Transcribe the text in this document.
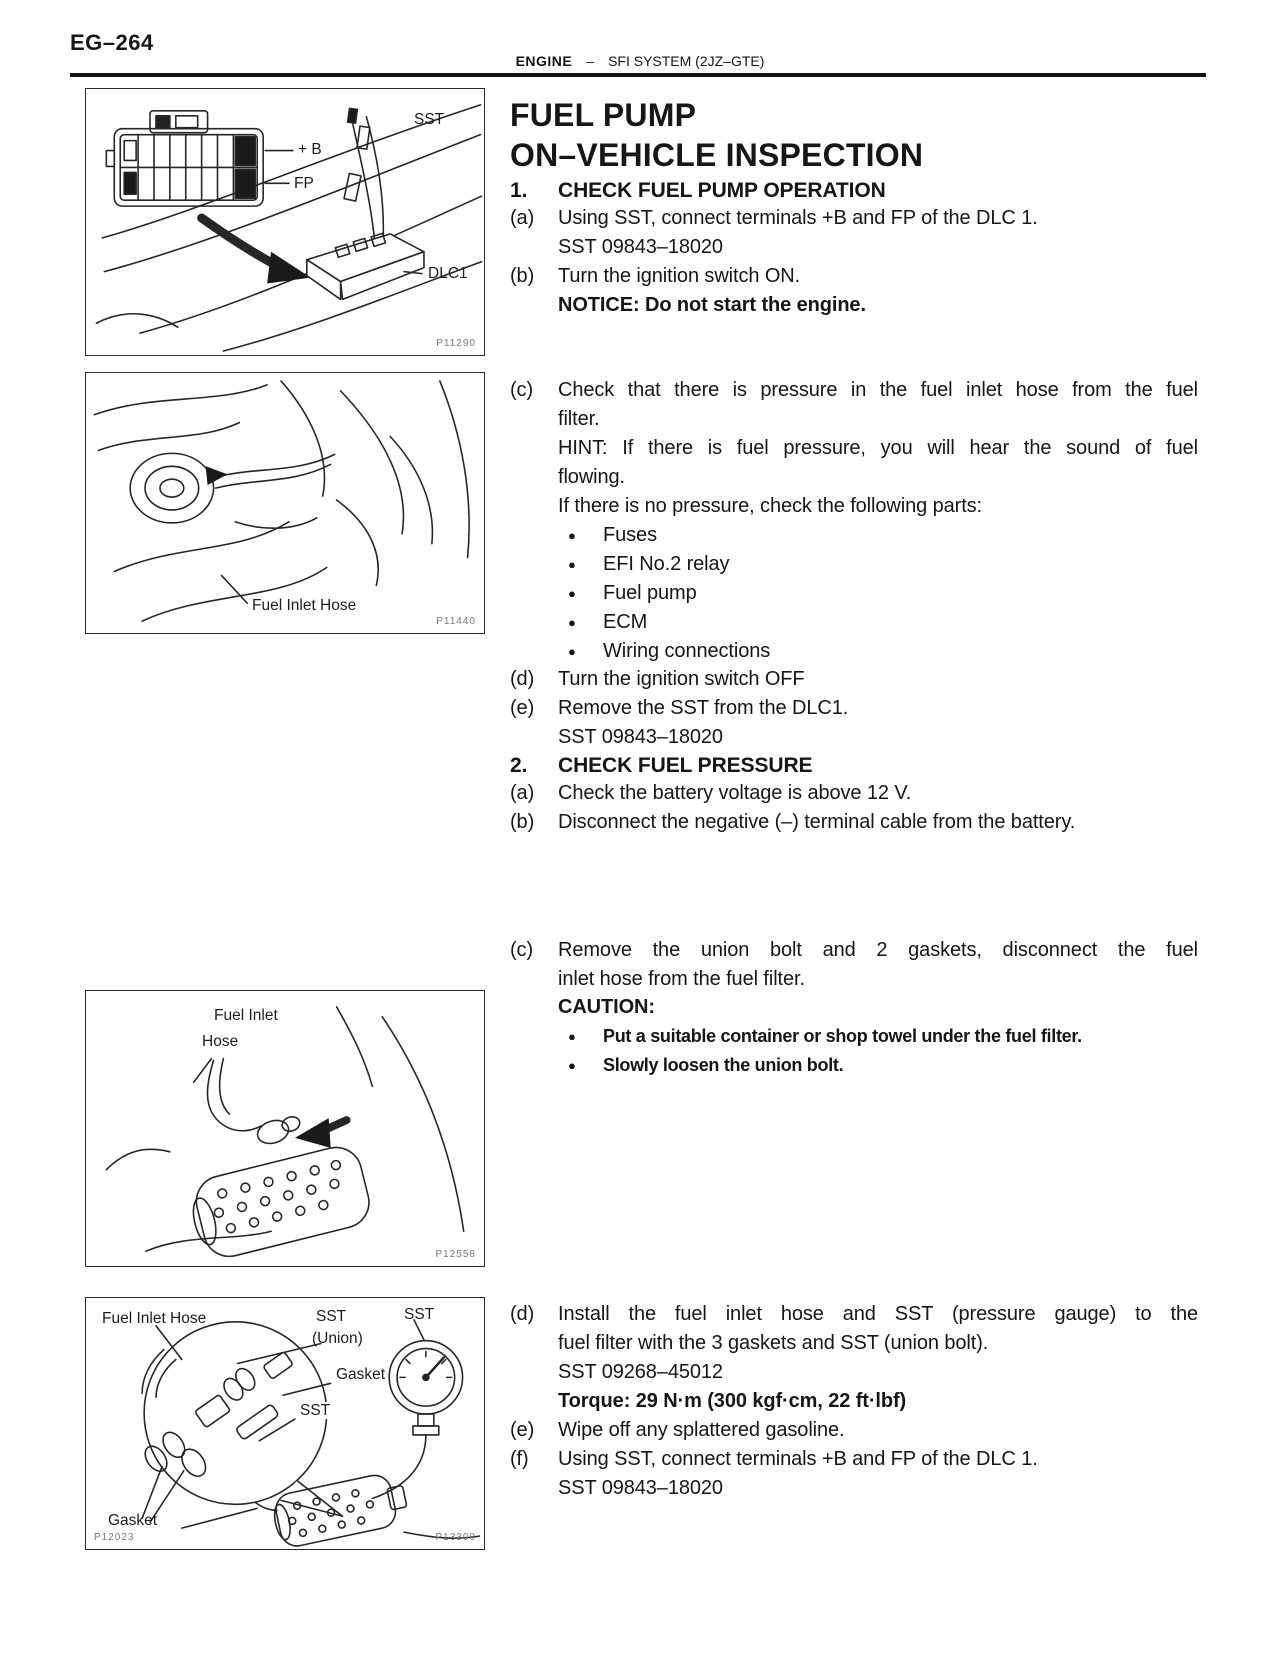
EG–264
ENGINE – SFI SYSTEM (2JZ–GTE)
SST
+ B
FP
DLC1
P11290
Fuel Inlet Hose
P11440
Fuel Inlet
Hose
P12558
Fuel Inlet Hose	SST
(Union)
SST
Gasket
SST
Gasket
P12023	P13300
FUEL PUMP
ON–VEHICLE INSPECTION
1.	CHECK FUEL PUMP OPERATION
(a)	Using SST, connect terminals +B and FP of the DLC 1.
SST 09843–18020
(b)	Turn the ignition switch ON.
NOTICE: Do not start the engine.
(c)	Check that there is pressure in the fuel inlet hose from the fuel
filter.
HINT: If there is fuel pressure, you will hear the sound of fuel
flowing.
If there is no pressure, check the following parts:
● Fuses
● EFI No.2 relay
● Fuel pump
● ECM
● Wiring connections
(d)	Turn the ignition switch OFF
(e)	Remove the SST from the DLC1.
SST 09843–18020
2.	CHECK FUEL PRESSURE
(a)	Check the battery voltage is above 12 V.
(b)	Disconnect the negative (–) terminal cable from the battery.
(c)	Remove the union bolt and 2 gaskets, disconnect the fuel
inlet hose from the fuel filter.
CAUTION:
● Put a suitable container or shop towel under the fuel filter.
● Slowly loosen the union bolt.
(d)	Install the fuel inlet hose and SST (pressure gauge) to the
fuel filter with the 3 gaskets and SST (union bolt).
SST 09268–45012
Torque: 29 N·m (300 kgf·cm, 22 ft·lbf)
(e)	Wipe off any splattered gasoline.
(f)	Using SST, connect terminals +B and FP of the DLC 1.
SST 09843–18020
